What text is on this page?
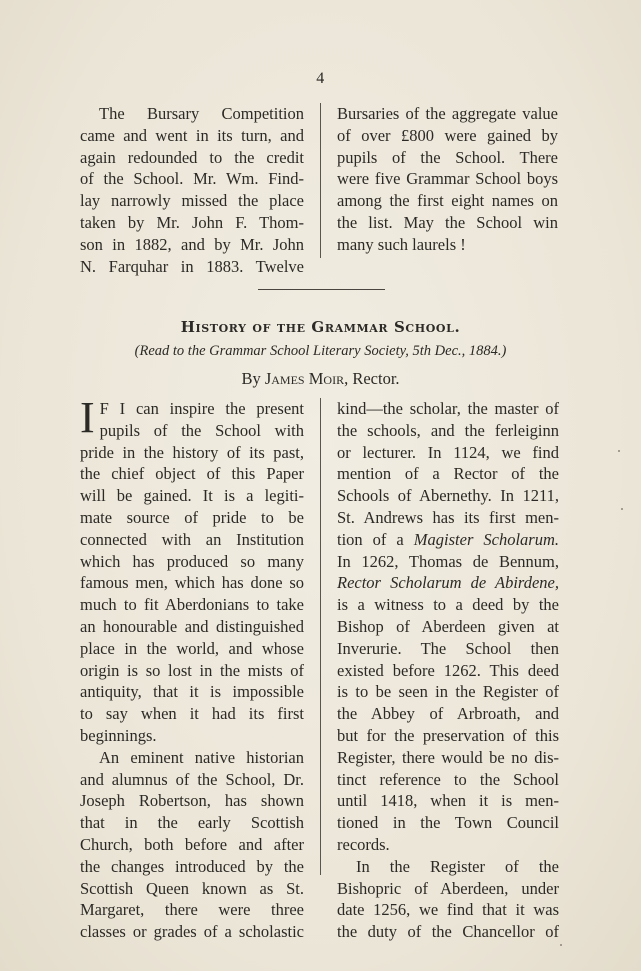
4
The Bursary Competition
came and went in its turn, and
again redounded to the credit
of the School. Mr. Wm. Find-
lay narrowly missed the place
taken by Mr. John F. Thom-
son in 1882, and by Mr. John
N. Farquhar in 1883. Twelve
Bursaries of the aggregate value
of over £800 were gained by
pupils of the School. There
were five Grammar School boys
among the first eight names on
the list. May the School win
many such laurels !
History of the Grammar School.
(Read to the Grammar School Literary Society, 5th Dec., 1884.)
By James Moir, Rector.
I F I can inspire the present
pupils of the School with
pride in the history of its past,
the chief object of this Paper
will be gained. It is a legiti-
mate source of pride to be
connected with an Institution
which has produced so many
famous men, which has done so
much to fit Aberdonians to take
an honourable and distinguished
place in the world, and whose
origin is so lost in the mists of
antiquity, that it is impossible
to say when it had its first
beginnings.
An eminent native historian
and alumnus of the School, Dr.
Joseph Robertson, has shown
that in the early Scottish
Church, both before and after
the changes introduced by the
Scottish Queen known as St.
Margaret, there were three
classes or grades of a scholastic
kind—the scholar, the master of
the schools, and the ferleiginn
or lecturer. In 1124, we find
mention of a Rector of the
Schools of Abernethy. In 1211,
St. Andrews has its first men-
tion of a Magister Scholarum.
In 1262, Thomas de Bennum,
Rector Scholarum de Abirdene,
is a witness to a deed by the
Bishop of Aberdeen given at
Inverurie. The School then
existed before 1262. This deed
is to be seen in the Register of
the Abbey of Arbroath, and
but for the preservation of this
Register, there would be no dis-
tinct reference to the School
until 1418, when it is men-
tioned in the Town Council
records.
In the Register of the
Bishopric of Aberdeen, under
date 1256, we find that it was
the duty of the Chancellor of
